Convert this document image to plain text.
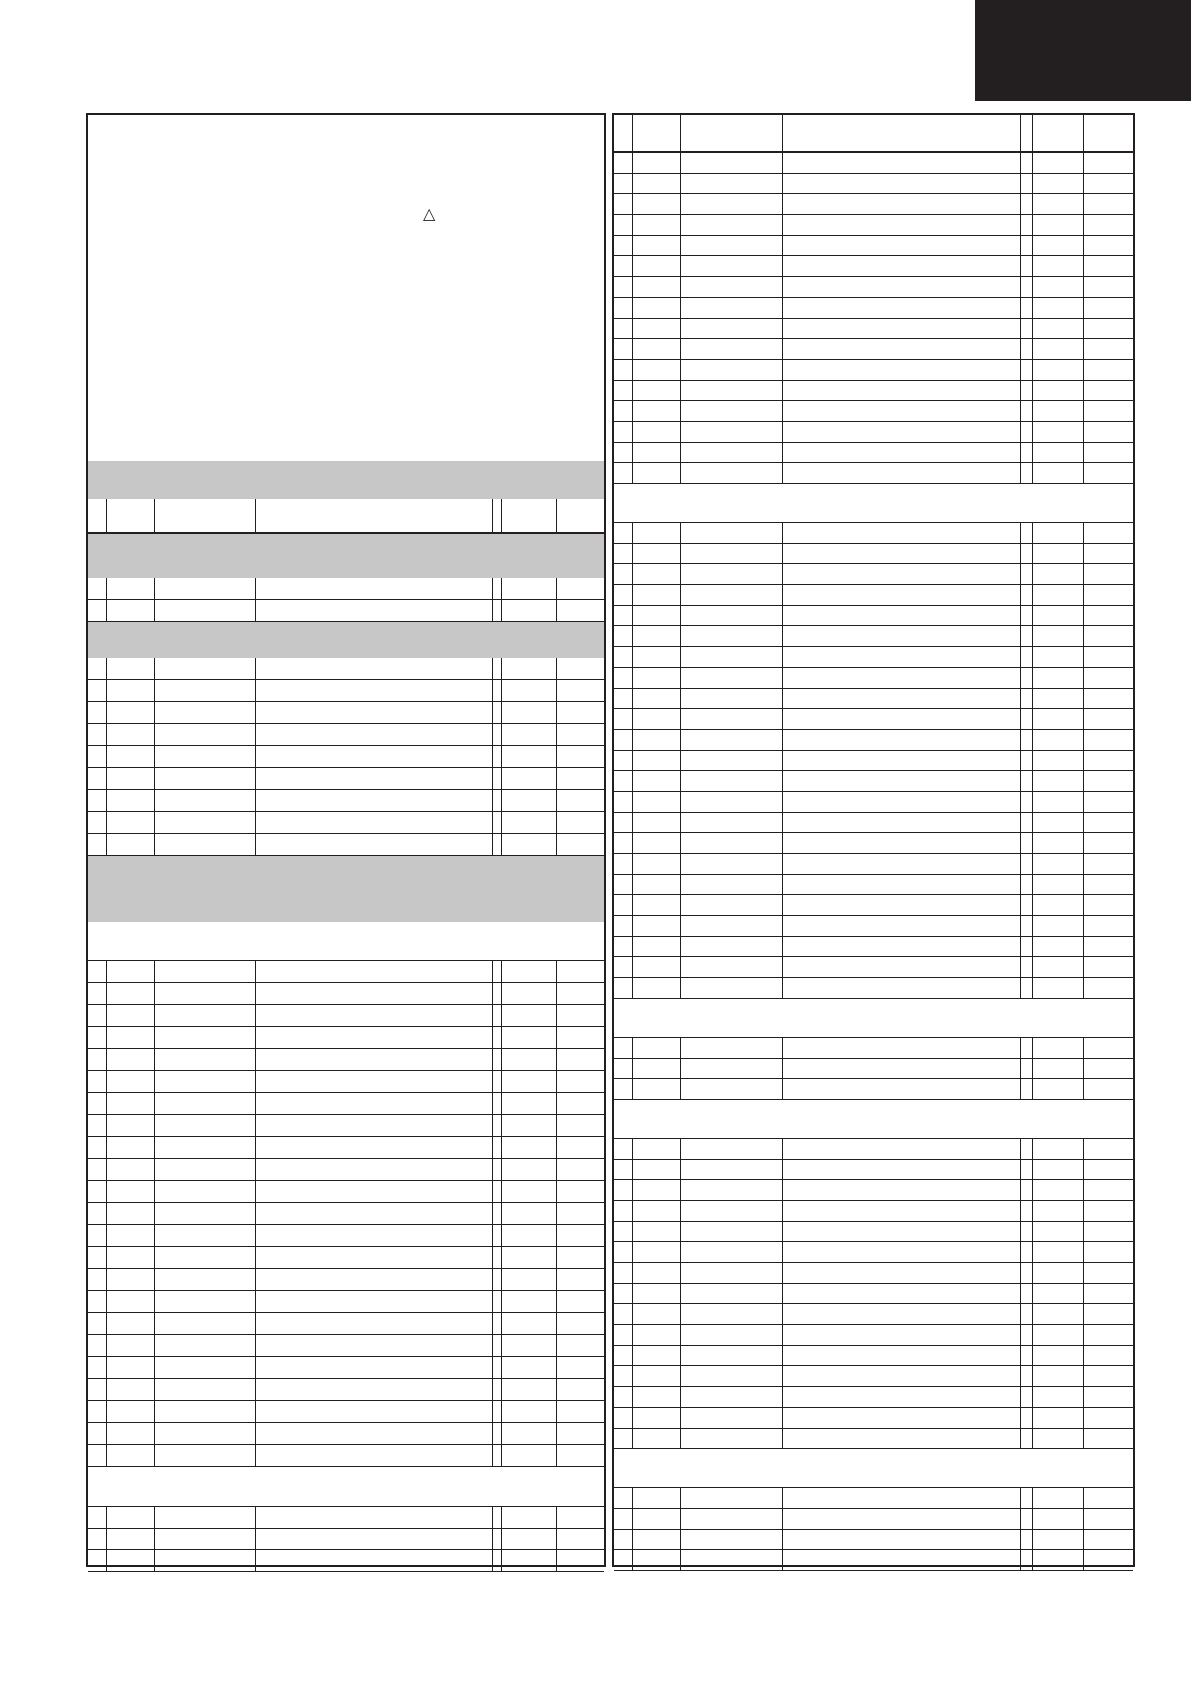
△
